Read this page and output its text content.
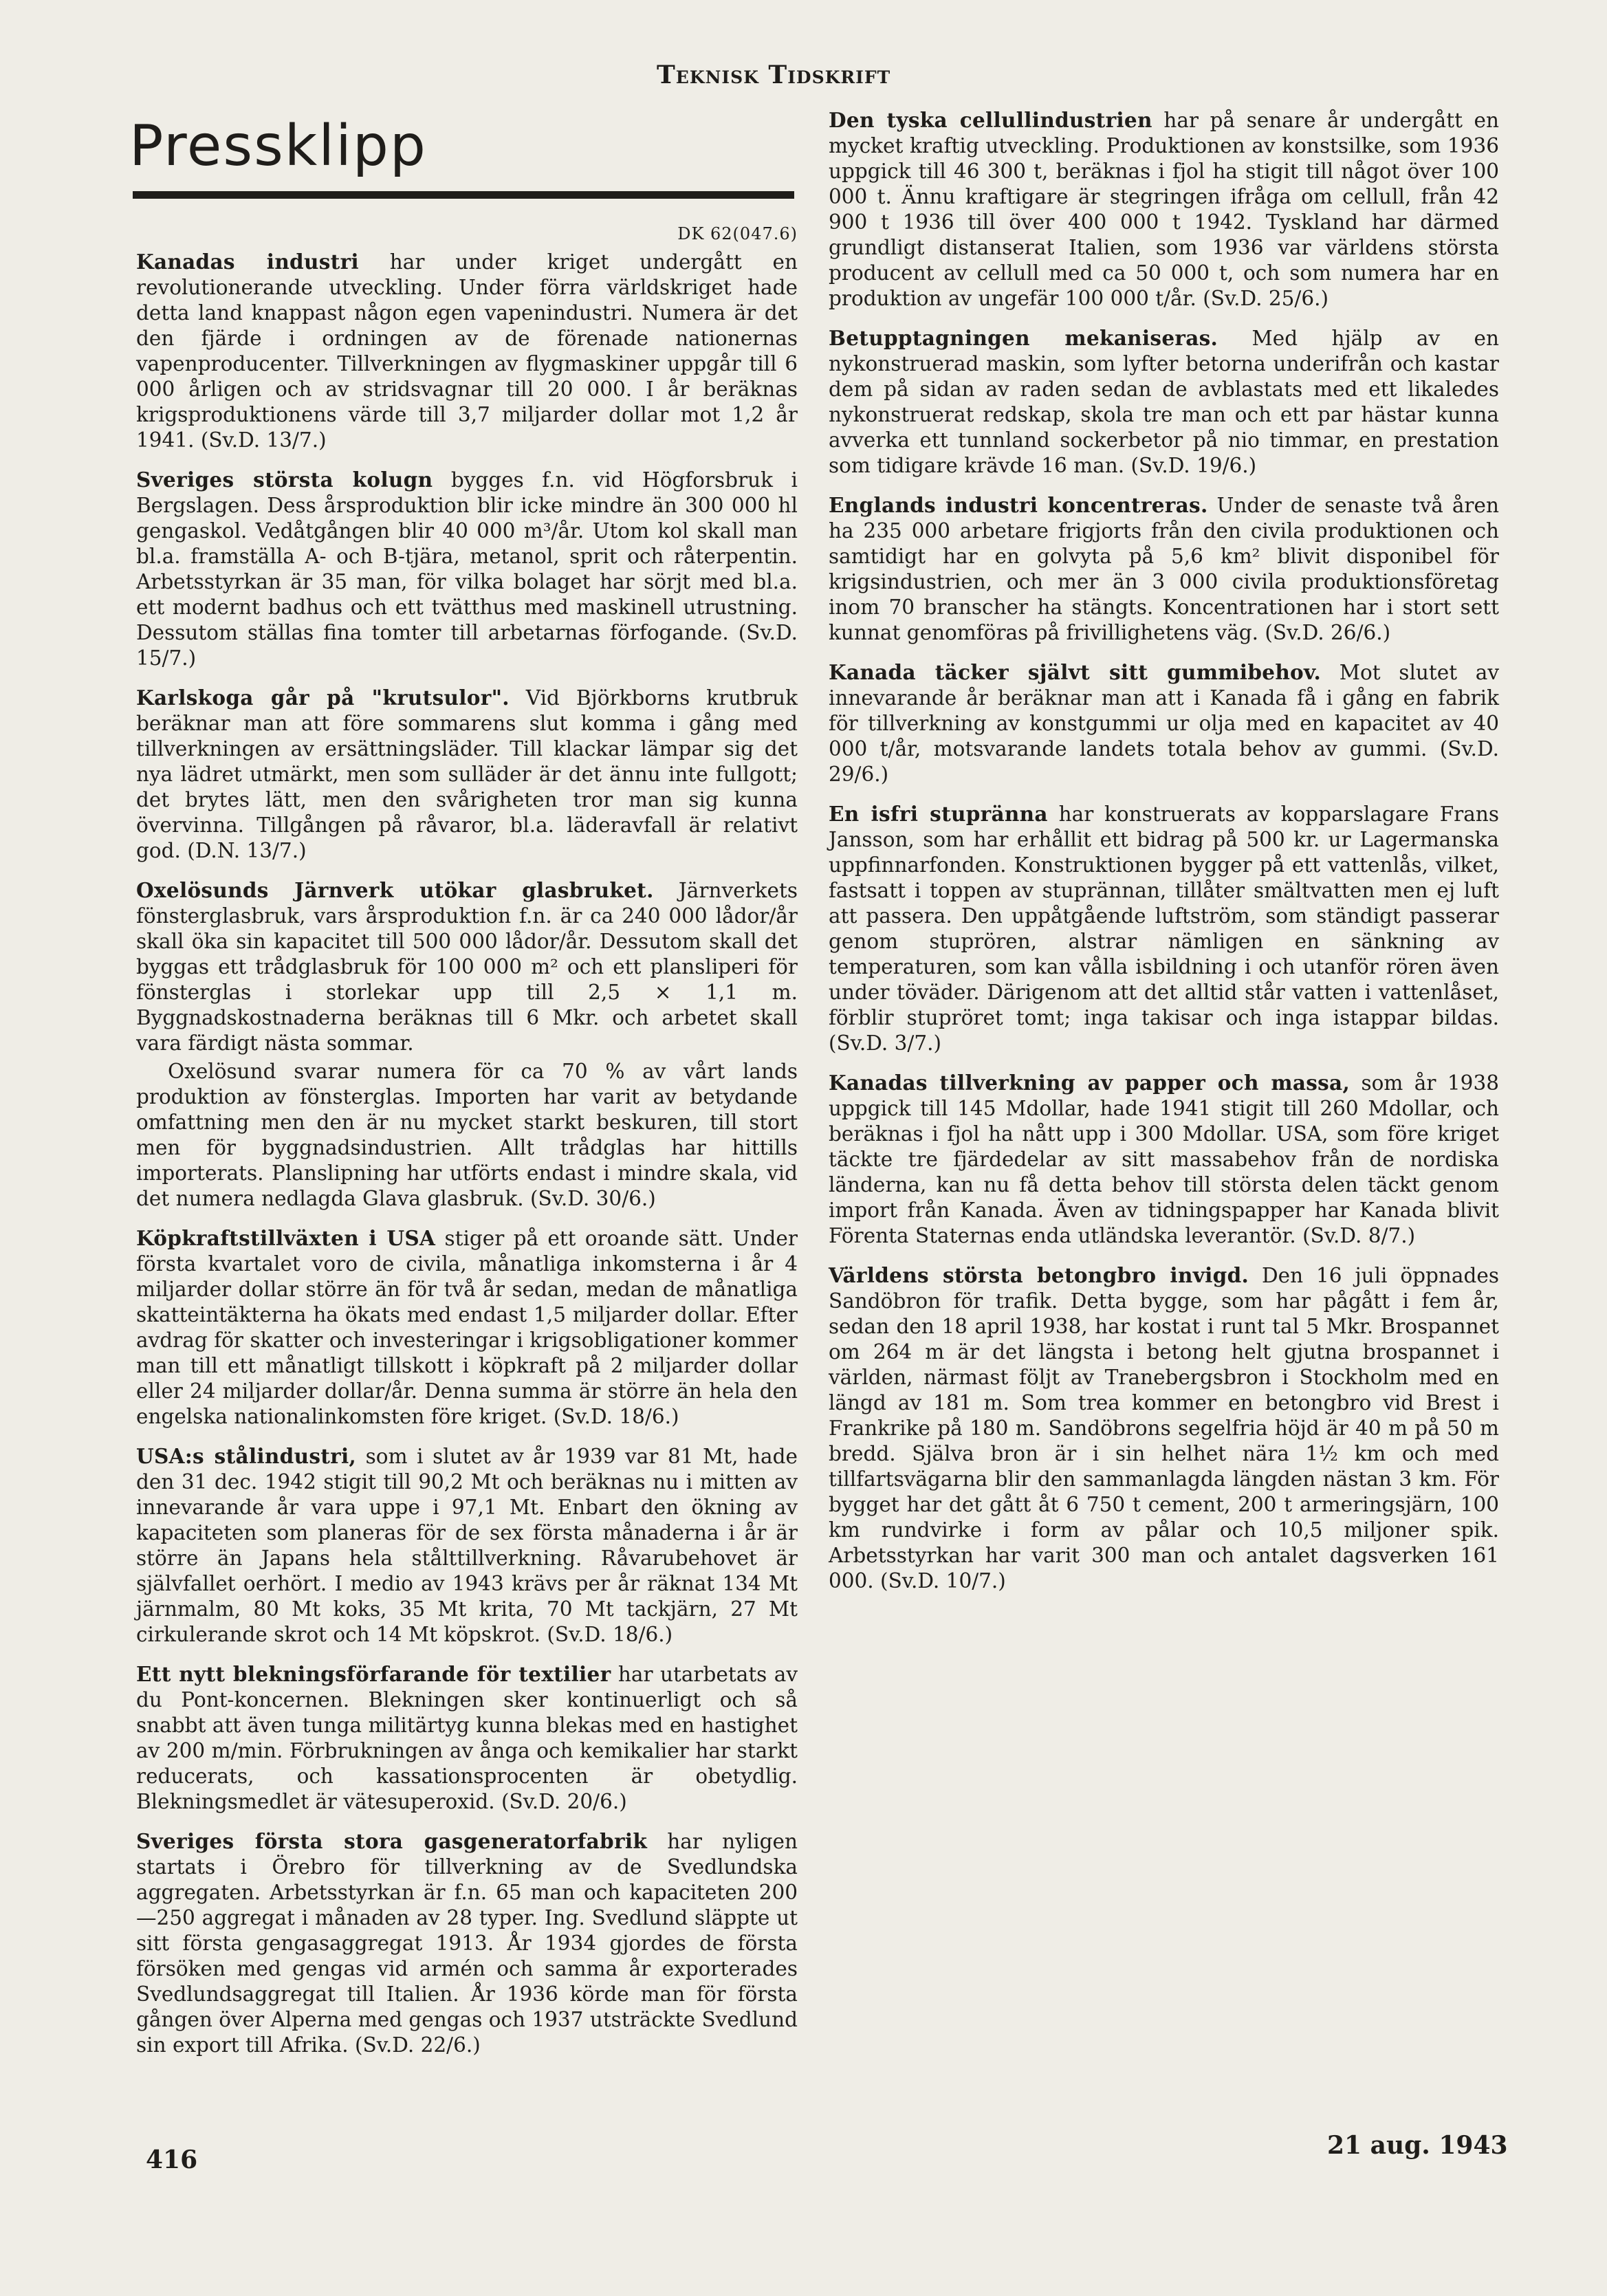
Teknisk Tidskrift
Pressklipp
DK 62(047.6)

Kanadas industri har under kriget undergått en revolutionerande utveckling. Under förra världskriget hade detta land knappast någon egen vapenindustri. Numera är det den fjärde i ordningen av de förenade nationernas vapenproducenter. Tillverkningen av flygmaskiner uppgår till 6 000 årligen och av stridsvagnar till 20 000. I år beräknas krigsproduktionens värde till 3,7 miljarder dollar mot 1,2 år 1941. (Sv.D. 13/7.)

Sveriges största kolugn bygges f.n. vid Högforsbruk i Bergslagen. Dess årsproduktion blir icke mindre än 300 000 hl gengaskol. Vedåtgången blir 40 000 m³/år. Utom kol skall man bl.a. framställa A- och B-tjära, metanol, sprit och råterpentin. Arbetsstyrkan är 35 man, för vilka bolaget har sörjt med bl.a. ett modernt badhus och ett tvätthus med maskinell utrustning. Dessutom ställas fina tomter till arbetarnas förfogande. (Sv.D. 15/7.)

Karlskoga går på "krutsulor". Vid Björkborns krutbruk beräknar man att före sommarens slut komma i gång med tillverkningen av ersättningsläder. Till klackar lämpar sig det nya lädret utmärkt, men som sulläder är det ännu inte fullgott; det brytes lätt, men den svårigheten tror man sig kunna övervinna. Tillgången på råvaror, bl.a. läderavfall är relativt god. (D.N. 13/7.)

Oxelösunds Järnverk utökar glasbruket. Järnverkets fönsterglasbruk, vars årsproduktion f.n. är ca 240 000 lådor/år skall öka sin kapacitet till 500 000 lådor/år. Dessutom skall det byggas ett trådglasbruk för 100 000 m² och ett plansliperi för fönsterglas i storlekar upp till 2,5 × 1,1 m. Byggnadskostnaderna beräknas till 6 Mkr. och arbetet skall vara färdigt nästa sommar.

Oxelösund svarar numera för ca 70 % av vårt lands produktion av fönsterglas. Importen har varit av betydande omfattning men den är nu mycket starkt beskuren, till stort men för byggnadsindustrien. Allt trådglas har hittills importerats. Planslipning har utförts endast i mindre skala, vid det numera nedlagda Glava glasbruk. (Sv.D. 30/6.)

Köpkraftstillväxten i USA stiger på ett oroande sätt. Under första kvartalet voro de civila, månatliga inkomsterna i år 4 miljarder dollar större än för två år sedan, medan de månatliga skatteintäkterna ha ökats med endast 1,5 miljarder dollar. Efter avdrag för skatter och investeringar i krigsobligationer kommer man till ett månatligt tillskott i köpkraft på 2 miljarder dollar eller 24 miljarder dollar/år. Denna summa är större än hela den engelska nationalinkomsten före kriget. (Sv.D. 18/6.)

USA:s stålindustri, som i slutet av år 1939 var 81 Mt, hade den 31 dec. 1942 stigit till 90,2 Mt och beräknas nu i mitten av innevarande år vara uppe i 97,1 Mt. Enbart den ökning av kapaciteten som planeras för de sex första månaderna i år är större än Japans hela stålttillverkning. Råvarubehovet är självfallet oerhört. I medio av 1943 krävs per år räknat 134 Mt järnmalm, 80 Mt koks, 35 Mt krita, 70 Mt tackjärn, 27 Mt cirkulerande skrot och 14 Mt köpskrot. (Sv.D. 18/6.)

Ett nytt blekningsförfarande för textilier har utarbetats av du Pont-koncernen. Blekningen sker kontinuerligt och så snabbt att även tunga militärtyg kunna blekas med en hastighet av 200 m/min. Förbrukningen av ånga och kemikalier har starkt reducerats, och kassationsprocenten är obetydlig. Blekningsmedlet är vätesuperoxid. (Sv.D. 20/6.)

Sveriges första stora gasgeneratorfabrik har nyligen startats i Örebro för tillverkning av de Svedlundska aggregaten. Arbetsstyrkan är f.n. 65 man och kapaciteten 200—250 aggregat i månaden av 28 typer. Ing. Svedlund släppte ut sitt första gengasaggregat 1913. År 1934 gjordes de första försöken med gengas vid armén och samma år exporterades Svedlundsaggregat till Italien. År 1936 körde man för första gången över Alperna med gengas och 1937 utsträckte Svedlund sin export till Afrika. (Sv.D. 22/6.)

Den tyska cellullindustrien har på senare år undergått en mycket kraftig utveckling. Produktionen av konstsilke, som 1936 uppgick till 46 300 t, beräknas i fjol ha stigit till något över 100 000 t. Ännu kraftigare är stegringen ifråga om cellull, från 42 900 t 1936 till över 400 000 t 1942. Tyskland har därmed grundligt distanserat Italien, som 1936 var världens största producent av cellull med ca 50 000 t, och som numera har en produktion av ungefär 100 000 t/år. (Sv.D. 25/6.)

Betupptagningen mekaniseras. Med hjälp av en nykonstruerad maskin, som lyfter betorna underifrån och kastar dem på sidan av raden sedan de avblastats med ett likaledes nykonstruerat redskap, skola tre man och ett par hästar kunna avverka ett tunnland sockerbetor på nio timmar, en prestation som tidigare krävde 16 man. (Sv.D. 19/6.)

Englands industri koncentreras. Under de senaste två åren ha 235 000 arbetare frigjorts från den civila produktionen och samtidigt har en golvyta på 5,6 km² blivit disponibel för krigsindustrien, och mer än 3 000 civila produktionsföretag inom 70 branscher ha stängts. Koncentrationen har i stort sett kunnat genomföras på frivillighetens väg. (Sv.D. 26/6.)

Kanada täcker självt sitt gummibehov. Mot slutet av innevarande år beräknar man att i Kanada få i gång en fabrik för tillverkning av konstgummi ur olja med en kapacitet av 40 000 t/år, motsvarande landets totala behov av gummi. (Sv.D. 29/6.)

En isfri stupränna har konstruerats av kopparslagare Frans Jansson, som har erhållit ett bidrag på 500 kr. ur Lagermanska uppfinnarfonden. Konstruktionen bygger på ett vattenlås, vilket, fastsatt i toppen av stuprännan, tillåter smältvatten men ej luft att passera. Den uppåtgående luftström, som ständigt passerar genom stuprören, alstrar nämligen en sänkning av temperaturen, som kan vålla isbildning i och utanför rören även under töväder. Därigenom att det alltid står vatten i vattenlåset, förblir stupröret tomt; inga takisar och inga istappar bildas. (Sv.D. 3/7.)

Kanadas tillverkning av papper och massa, som år 1938 uppgick till 145 Mdollar, hade 1941 stigit till 260 Mdollar, och beräknas i fjol ha nått upp i 300 Mdollar. USA, som före kriget täckte tre fjärdedelar av sitt massabehov från de nordiska länderna, kan nu få detta behov till största delen täckt genom import från Kanada. Även av tidningspapper har Kanada blivit Förenta Staternas enda utländska leverantör. (Sv.D. 8/7.)

Världens största betongbro invigd. Den 16 juli öppnades Sandöbron för trafik. Detta bygge, som har pågått i fem år, sedan den 18 april 1938, har kostat i runt tal 5 Mkr. Brospannet om 264 m är det längsta i betong helt gjutna brospannet i världen, närmast följt av Tranebergsbron i Stockholm med en längd av 181 m. Som trea kommer en betongbro vid Brest i Frankrike på 180 m. Sandöbrons segelfria höjd är 40 m på 50 m bredd. Själva bron är i sin helhet nära 1½ km och med tillfartsvägarna blir den sammanlagda längden nästan 3 km. För bygget har det gått åt 6 750 t cement, 200 t armeringsjärn, 100 km rundvirke i form av pålar och 10,5 miljoner spik. Arbetsstyrkan har varit 300 man och antalet dagsverken 161 000. (Sv.D. 10/7.)

416	21 aug. 1943
